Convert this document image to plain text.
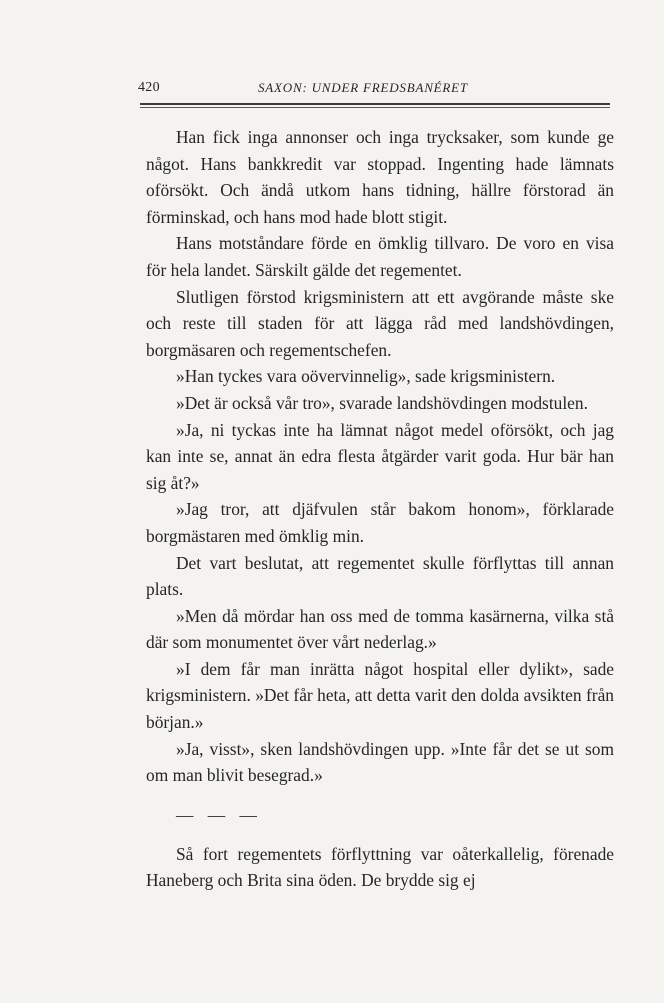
420	SAXON: UNDER FREDSBANÉRET

Han fick inga annonser och inga trycksaker, som kunde ge något. Hans bankkredit var stoppad. Ingenting hade lämnats oförsökt. Och ändå utkom hans tidning, hällre förstorad än förminskad, och hans mod hade blott stigit.

Hans motståndare förde en ömklig tillvaro. De voro en visa för hela landet. Särskilt gälde det regementet.

Slutligen förstod krigsministern att ett avgörande måste ske och reste till staden för att lägga råd med landshövdingen, borgmäsaren och regementschefen.

»Han tyckes vara oövervinnelig», sade krigsministern.

»Det är också vår tro», svarade landshövdingen modstulen.

»Ja, ni tyckas inte ha lämnat något medel oförsökt, och jag kan inte se, annat än edra flesta åtgärder varit goda. Hur bär han sig åt?»

»Jag tror, att djäfvulen står bakom honom», förklarade borgmästaren med ömklig min.

Det vart beslutat, att regementet skulle förflyttas till annan plats.

»Men då mördar han oss med de tomma kasärnerna, vilka stå där som monumentet över vårt nederlag.»

»I dem får man inrätta något hospital eller dylikt», sade krigsministern. »Det får heta, att detta varit den dolda avsikten från början.»

»Ja, visst», sken landshövdingen upp. »Inte får det se ut som om man blivit besegrad.»

— — —

Så fort regementets förflyttning var oåterkallelig, förenade Haneberg och Brita sina öden. De brydde sig ej
